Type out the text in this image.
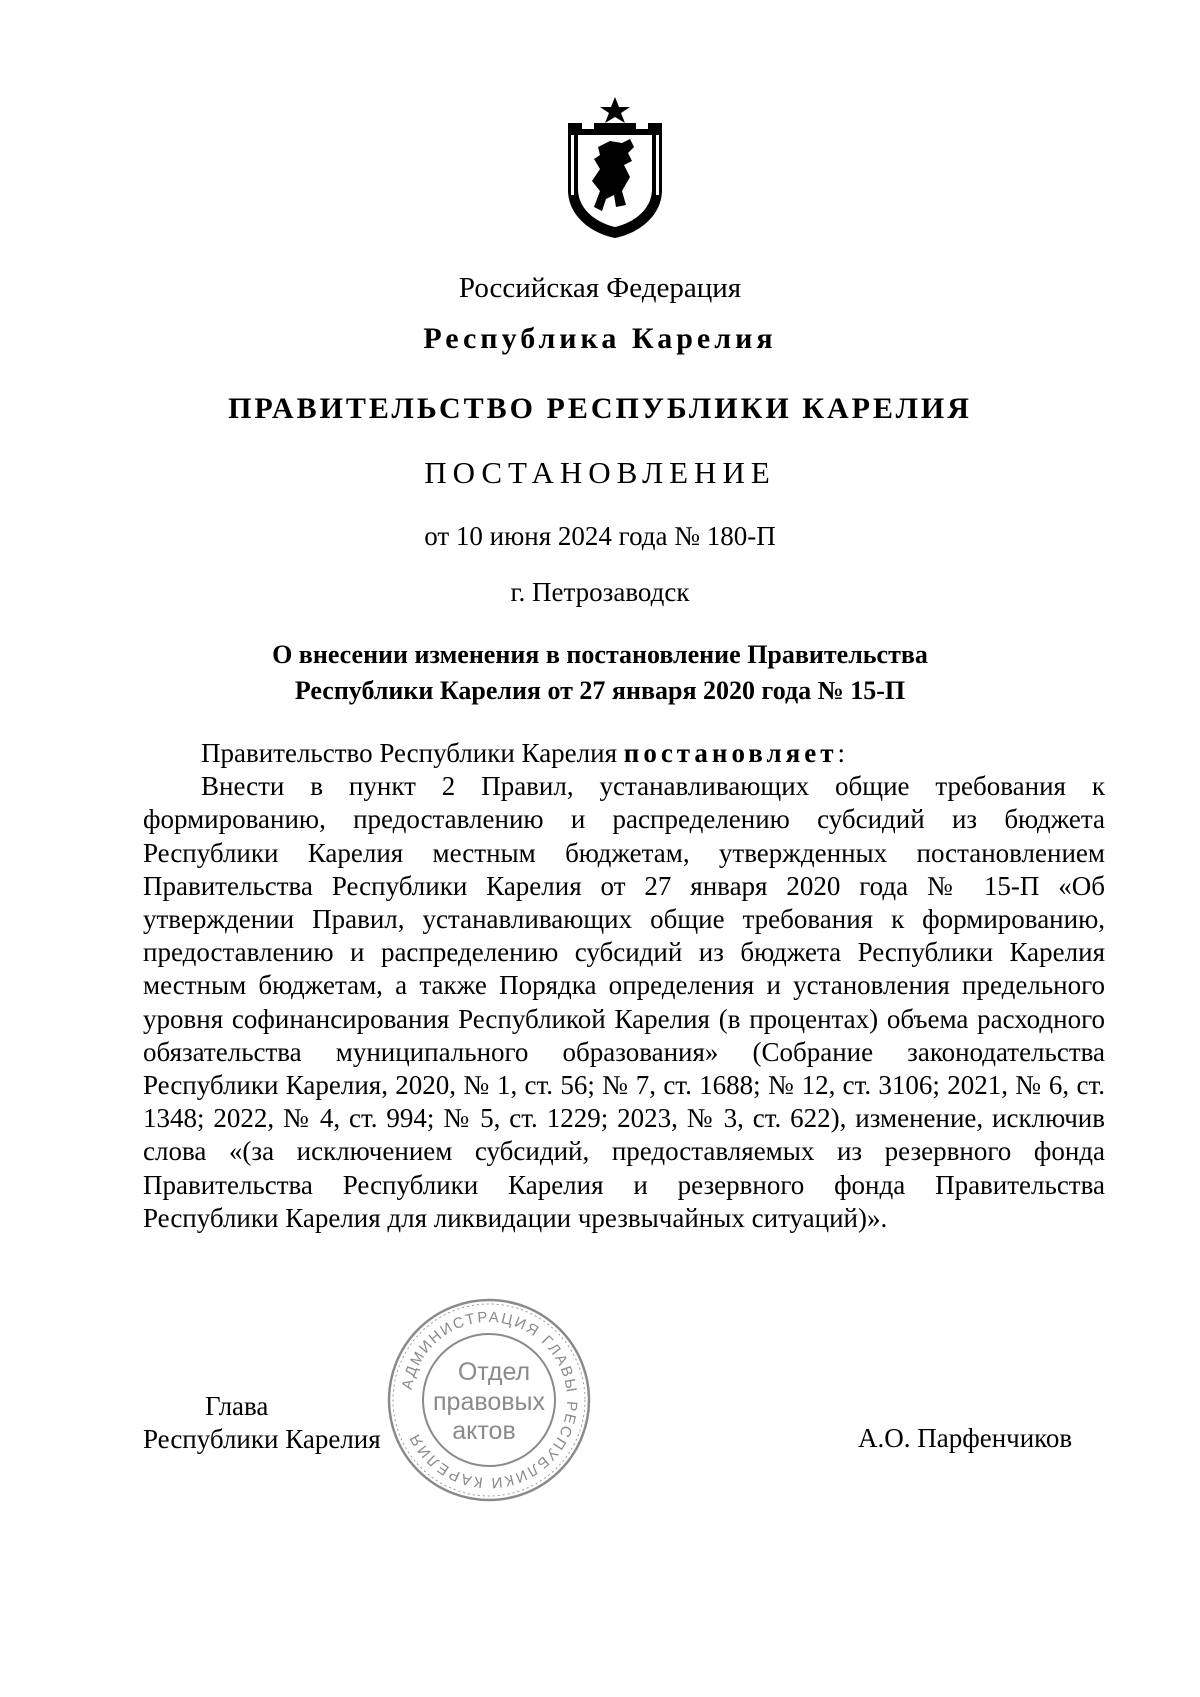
Российская Федерация
Республика Карелия
ПРАВИТЕЛЬСТВО РЕСПУБЛИКИ КАРЕЛИЯ
ПОСТАНОВЛЕНИЕ
от 10 июня 2024 года № 180-П
г. Петрозаводск
О внесении изменения в постановление Правительства
Республики Карелия от 27 января 2020 года № 15-П

Правительство Республики Карелия постановляет:

Внести в пункт 2 Правил, устанавливающих общие требования к формированию, предоставлению и распределению субсидий из бюджета Республики Карелия местным бюджетам, утвержденных постановлением Правительства Республики Карелия от 27 января 2020 года № 15-П «Об утверждении Правил, устанавливающих общие требования к формированию, предоставлению и распределению субсидий из бюджета Республики Карелия местным бюджетам, а также Порядка определения и установления предельного уровня софинансирования Республикой Карелия (в процентах) объема расходного обязательства муниципального образования» (Собрание законодательства Республики Карелия, 2020, № 1, ст. 56; № 7, ст. 1688; № 12, ст. 3106; 2021, № 6, ст. 1348; 2022, № 4, ст. 994; № 5, ст. 1229; 2023, № 3, ст. 622), изменение, исключив слова «(за исключением субсидий, предоставляемых из резервного фонда Правительства Республики Карелия и резервного фонда Правительства Республики Карелия для ликвидации чрезвычайных ситуаций)».

Глава
Республики Карелия
АДМИНИСТРАЦИЯ ГЛАВЫ РЕСПУБЛИКИ КАРЕЛИЯ
Отдел
правовых
актов	А.О. Парфенчиков
